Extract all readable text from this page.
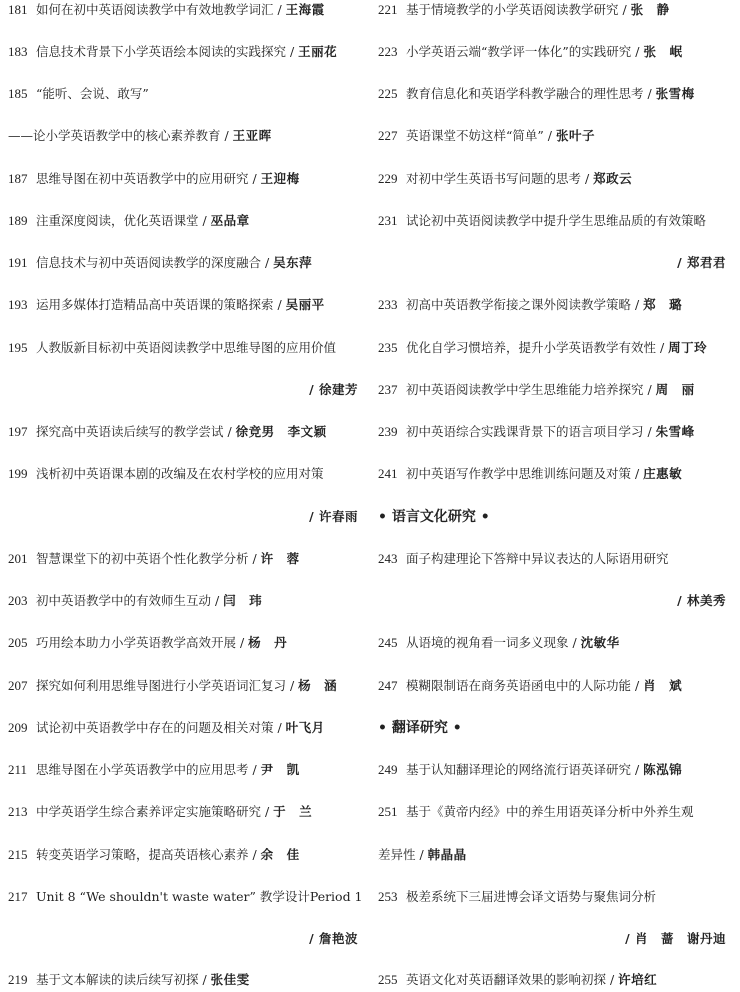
181 如何在初中英语阅读教学中有效地教学词汇 / 王海霞
183 信息技术背景下小学英语绘本阅读的实践探究 / 王丽花
185 “能听、会说、敢写”
——论小学英语教学中的核心素养教育 / 王亚晖
187 思维导图在初中英语教学中的应用研究 / 王迎梅
189 注重深度阅读，优化英语课堂 / 巫品章
191 信息技术与初中英语阅读教学的深度融合 / 吴东萍
193 运用多媒体打造精品高中英语课的策略探索 / 吴丽平
195 人教版新目标初中英语阅读教学中思维导图的应用价值
/ 徐建芳
197 探究高中英语读后续写的教学尝试 / 徐竞男　李文颖
199 浅析初中英语课本剧的改编及在农村学校的应用对策
/ 许春雨
201 智慧课堂下的初中英语个性化教学分析 / 许　蓉
203 初中英语教学中的有效师生互动 / 闫　玮
205 巧用绘本助力小学英语教学高效开展 / 杨　丹
207 探究如何利用思维导图进行小学英语词汇复习 / 杨　涵
209 试论初中英语教学中存在的问题及相关对策 / 叶飞月
211 思维导图在小学英语教学中的应用思考 / 尹　凯
213 中学英语学生综合素养评定实施策略研究 / 于　兰
215 转变英语学习策略，提高英语核心素养 / 余　佳
217 Unit 8 “We shouldn't waste water” 教学设计Period 1
/ 詹艳波
219 基于文本解读的读后续写初探 / 张佳雯
221 基于情境教学的小学英语阅读教学研究 / 张　静
223 小学英语云端“教学评一体化”的实践研究 / 张　岷
225 教育信息化和英语学科教学融合的理性思考 / 张雪梅
227 英语课堂不妨这样“简单” / 张叶子
229 对初中学生英语书写问题的思考 / 郑政云
231 试论初中英语阅读教学中提升学生思维品质的有效策略
/ 郑君君
233 初高中英语教学衔接之课外阅读教学策略 / 郑　璐
235 优化自学习惯培养，提升小学英语教学有效性 / 周丁玲
237 初中英语阅读教学中学生思维能力培养探究 / 周　丽
239 初中英语综合实践课背景下的语言项目学习 / 朱雪峰
241 初中英语写作教学中思维训练问题及对策 / 庄惠敏
• 语言文化研究 •
243 面子构建理论下答辩中异议表达的人际语用研究
/ 林美秀
245 从语境的视角看一词多义现象 / 沈敏华
247 模糊限制语在商务英语函电中的人际功能 / 肖　斌
• 翻译研究 •
249 基于认知翻译理论的网络流行语英译研究 / 陈泓锦
251 基于《黄帝内经》中的养生用语英译分析中外养生观
差异性 / 韩晶晶
253 极差系统下三届进博会译文语势与聚焦词分析
/ 肖　蔷　谢丹迪
255 英语文化对英语翻译效果的影响初探 / 许培红
